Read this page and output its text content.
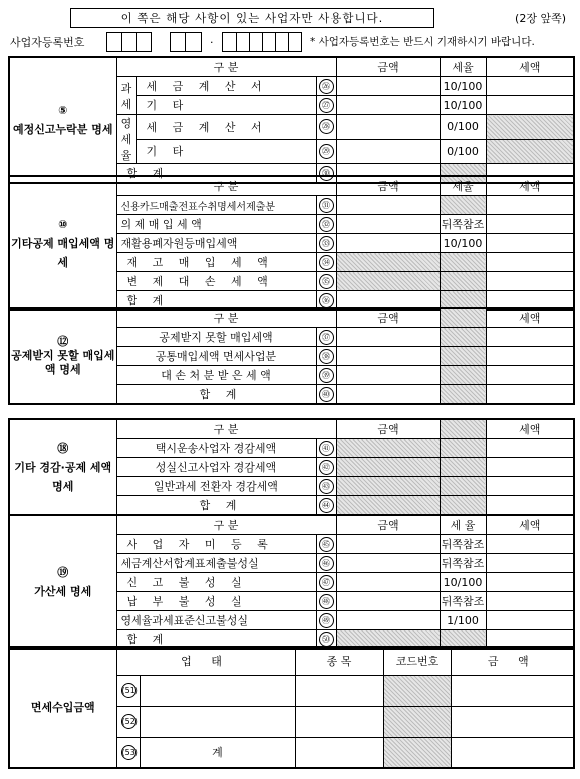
이 쪽은 해당 사항이 있는 사업자만 사용합니다.	(2장 앞쪽)
사업자등록번호	·	* 사업자등록번호는 반드시 기재하시기 바랍니다.
⑤
예정신고누락분 명세	구 분			금액	세율	세액
	과세	세 금 계 산 서	㉖		10/100	
		기 타	㉗		10/100	
	영세율	세 금 계 산 서	㉘		0/100	
		기 타	㉙		0/100	
	합 계		㉚			
⑩
기타공제 매입세액 명세	구 분		금액	세율	세액
	신용카드매출전표수취명세서제출분	㉛			
	의 제 매 입 세 액	㉜		뒤쪽참조	
	재활용폐자원등매입세액	㉝		10/100	
	재 고 매 입 세 액	㉞			
	변 제 대 손 세 액	㉟			
	합 계	㊱			
⑫
공제받지 못할 매입세액 명세	구 분		금액		세액
	공제받지 못할 매입세액	㊲			
	공통매입세액 면세사업분	㊳			
	대 손 처 분 받 은 세 액	㊴			
	합 계	㊵			
⑱
기타 경감·공제 세액 명세	구 분		금액		세액
	택시운송사업자 경감세액	㊶			
	성실신고사업자 경감세액	㊷			
	일반과세 전환자 경감세액	㊸			
	합 계	㊹			
⑲
가산세 명세	구 분		금액	세 율	세액
	사 업 자 미 등 록	㊺		뒤쪽참조	
	세금계산서합계표제출불성실	㊻		뒤쪽참조	
	신 고 불 성 실	㊼		10/100	
	납 부 불 성 실	㊽		뒤쪽참조	
	영세율과세표준신고불성실	㊾		1/100	
	합 계	㊿			
면세수입금액	업 태		종 목	코드번호	금 액
	(51)				
	(52)				
	(53)	계			
